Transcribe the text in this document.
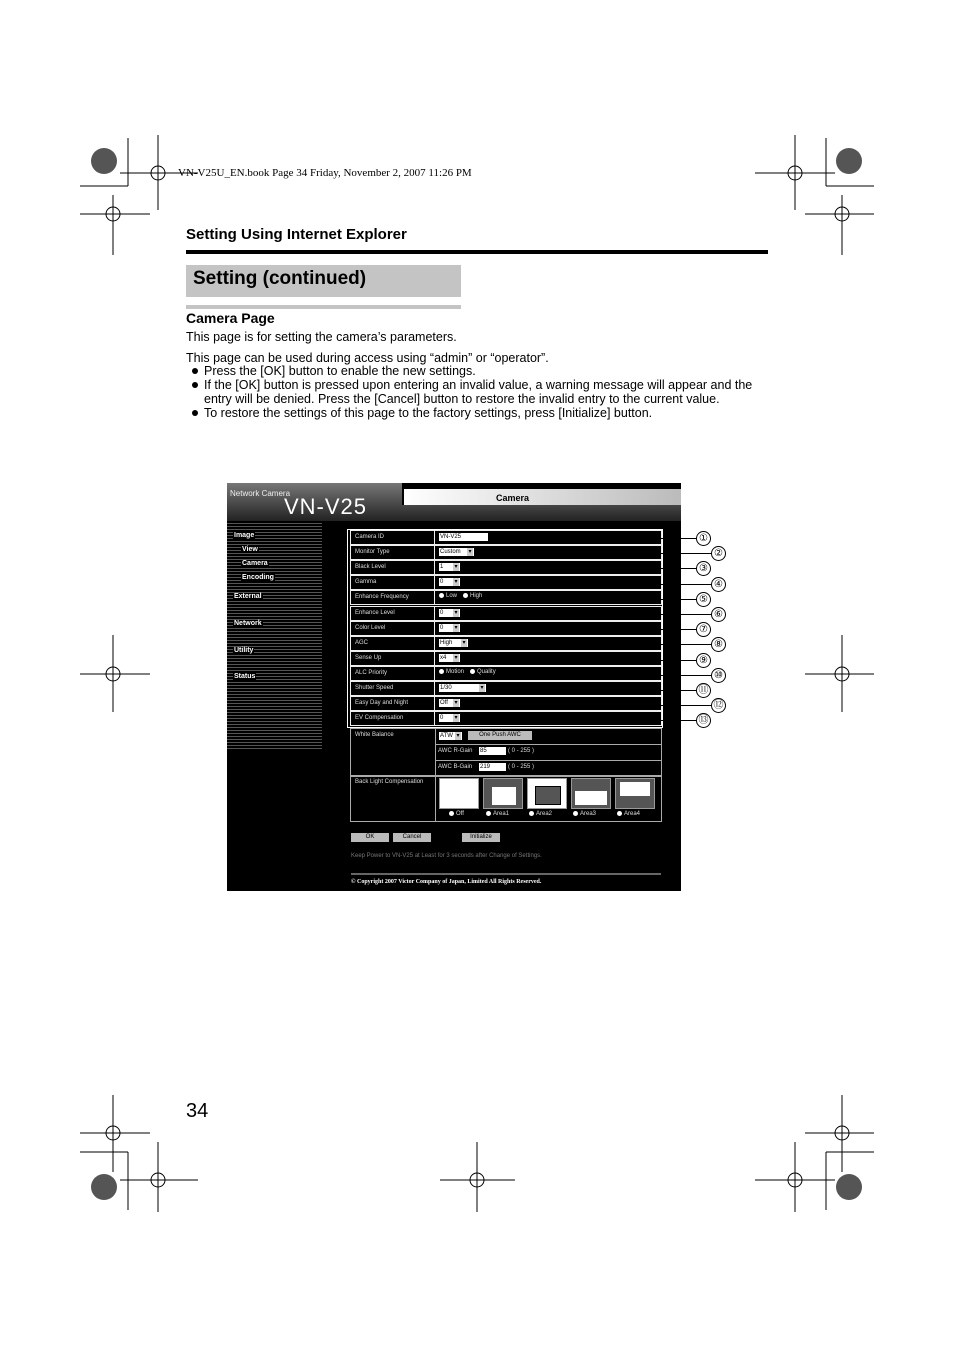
VN-V25U_EN.book Page 34 Friday, November 2, 2007 11:26 PM
Setting Using Internet Explorer
Setting (continued)
Camera Page
This page is for setting the camera’s parameters.
This page can be used during access using “admin” or “operator”.
Press the [OK] button to enable the new settings.
If the [OK] button is pressed upon entering an invalid value, a warning message will appear and the entry will be denied. Press the [Cancel] button to restore the invalid entry to the current value.
To restore the settings of this page to the factory settings, press [Initialize] button.
Camera
Network Camera
VN-V25
Image
View
Camera
Encoding
External
Network
Utility
Status
Camera ID	VN-V25
Monitor Type	Custom ▾
Black Level	1 ▾
Gamma	0 ▾
Enhance Frequency	Low High
Enhance Level	0 ▾
Color Level	0 ▾
AGC	High ▾
Sense Up	x4 ▾
ALC Priority	Motion Quality
Shutter Speed	1/30 ▾
Easy Day and Night	Off ▾
EV Compensation	0 ▾
White Balance	ATW ▾	One Push AWC
AWC R-Gain 85	( 0 - 255 )
AWC B-Gain 219	( 0 - 255 )
Back Light Compensation
Off	Area1	Area2	Area3	Area4
OK	Cancel	Initialize
Keep Power to VN-V25 at Least for 3 seconds after Change of Settings.
© Copyright 2007 Victor Company of Japan, Limited All Rights Reserved.
34
①
②
③
④
⑤
⑥
⑦
⑧
⑨
⑩
⑪
⑫
⑬
